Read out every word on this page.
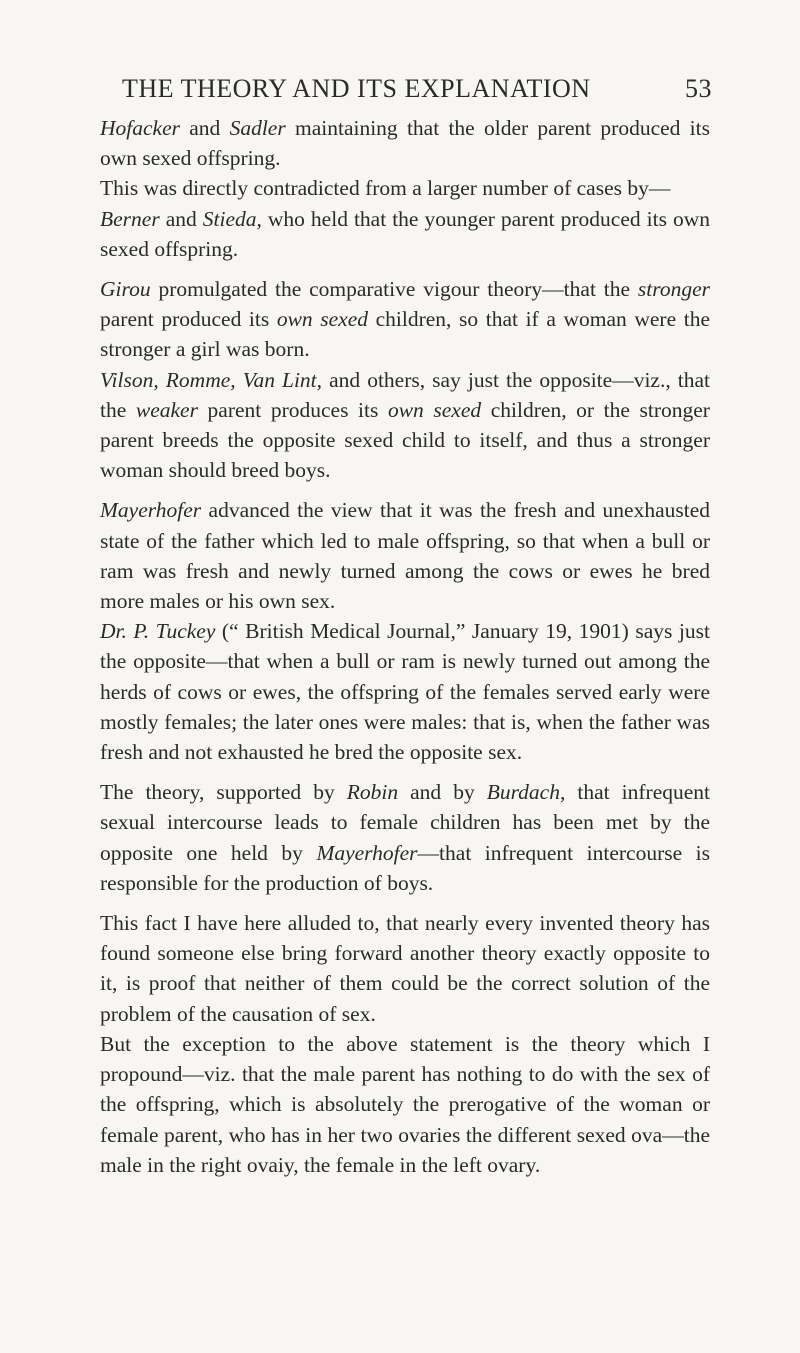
THE THEORY AND ITS EXPLANATION	53

Hofacker and Sadler maintaining that the older parent produced its own sexed offspring.

This was directly contradicted from a larger number of cases by—

Berner and Stieda, who held that the younger parent produced its own sexed offspring.

Girou promulgated the comparative vigour theory—that the stronger parent produced its own sexed children, so that if a woman were the stronger a girl was born.

Vilson, Romme, Van Lint, and others, say just the opposite—viz., that the weaker parent produces its own sexed children, or the stronger parent breeds the opposite sexed child to itself, and thus a stronger woman should breed boys.

Mayerhofer advanced the view that it was the fresh and unexhausted state of the father which led to male offspring, so that when a bull or ram was fresh and newly turned among the cows or ewes he bred more males or his own sex.

Dr. P. Tuckey (“ British Medical Journal,” January 19, 1901) says just the opposite—that when a bull or ram is newly turned out among the herds of cows or ewes, the offspring of the females served early were mostly females; the later ones were males: that is, when the father was fresh and not exhausted he bred the opposite sex.

The theory, supported by Robin and by Burdach, that infrequent sexual intercourse leads to female children has been met by the opposite one held by Mayerhofer—that infrequent intercourse is responsible for the production of boys.

This fact I have here alluded to, that nearly every invented theory has found someone else bring forward another theory exactly opposite to it, is proof that neither of them could be the correct solution of the problem of the causation of sex.

But the exception to the above statement is the theory which I propound—viz. that the male parent has nothing to do with the sex of the offspring, which is absolutely the prerogative of the woman or female parent, who has in her two ovaries the different sexed ova—the male in the right ovaiy, the female in the left ovary.
